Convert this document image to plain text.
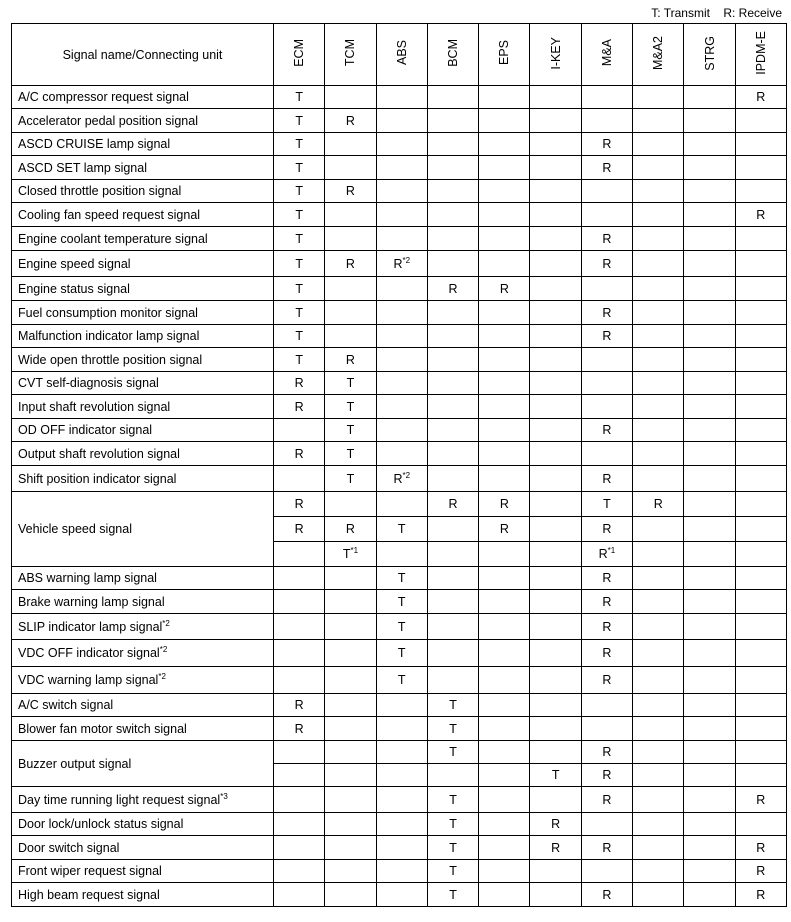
T: Transmit R: Receive
Signal name/Connecting unit	ECM	TCM	ABS	BCM	EPS	I-KEY	M&A	M&A2	STRG	IPDM-E
A/C compressor request signal	T									R
Accelerator pedal position signal	T	R								
ASCD CRUISE lamp signal	T						R			
ASCD SET lamp signal	T						R			
Closed throttle position signal	T	R								
Cooling fan speed request signal	T									R
Engine coolant temperature signal	T						R			
Engine speed signal	T	R	$R^{*2}$				R			
Engine status signal	T			R	R					
Fuel consumption monitor signal	T						R			
Malfunction indicator lamp signal	T						R			
Wide open throttle position signal	T	R								
CVT self-diagnosis signal	R	T								
Input shaft revolution signal	R	T								
OD OFF indicator signal		T					R			
Output shaft revolution signal	R	T								
Shift position indicator signal		T	$R^{*2}$				R			
Vehicle speed signal	R			R	R		T	R		
	R	R	T		R		R			
		$T^{*1}$					$R^{*1}$			
ABS warning lamp signal			T				R			
Brake warning lamp signal			T				R			
SLIP indicator lamp signal$^{*2}$			T				R			
VDC OFF indicator signal$^{*2}$			T				R			
VDC warning lamp signal$^{*2}$			T				R			
A/C switch signal	R			T						
Blower fan motor switch signal	R			T						
Buzzer output signal				T			R			
						T	R			
Day time running light request signal$^{*3}$				T			R			R
Door lock/unlock status signal				T		R				
Door switch signal				T		R	R			R
Front wiper request signal				T						R
High beam request signal				T			R			R
